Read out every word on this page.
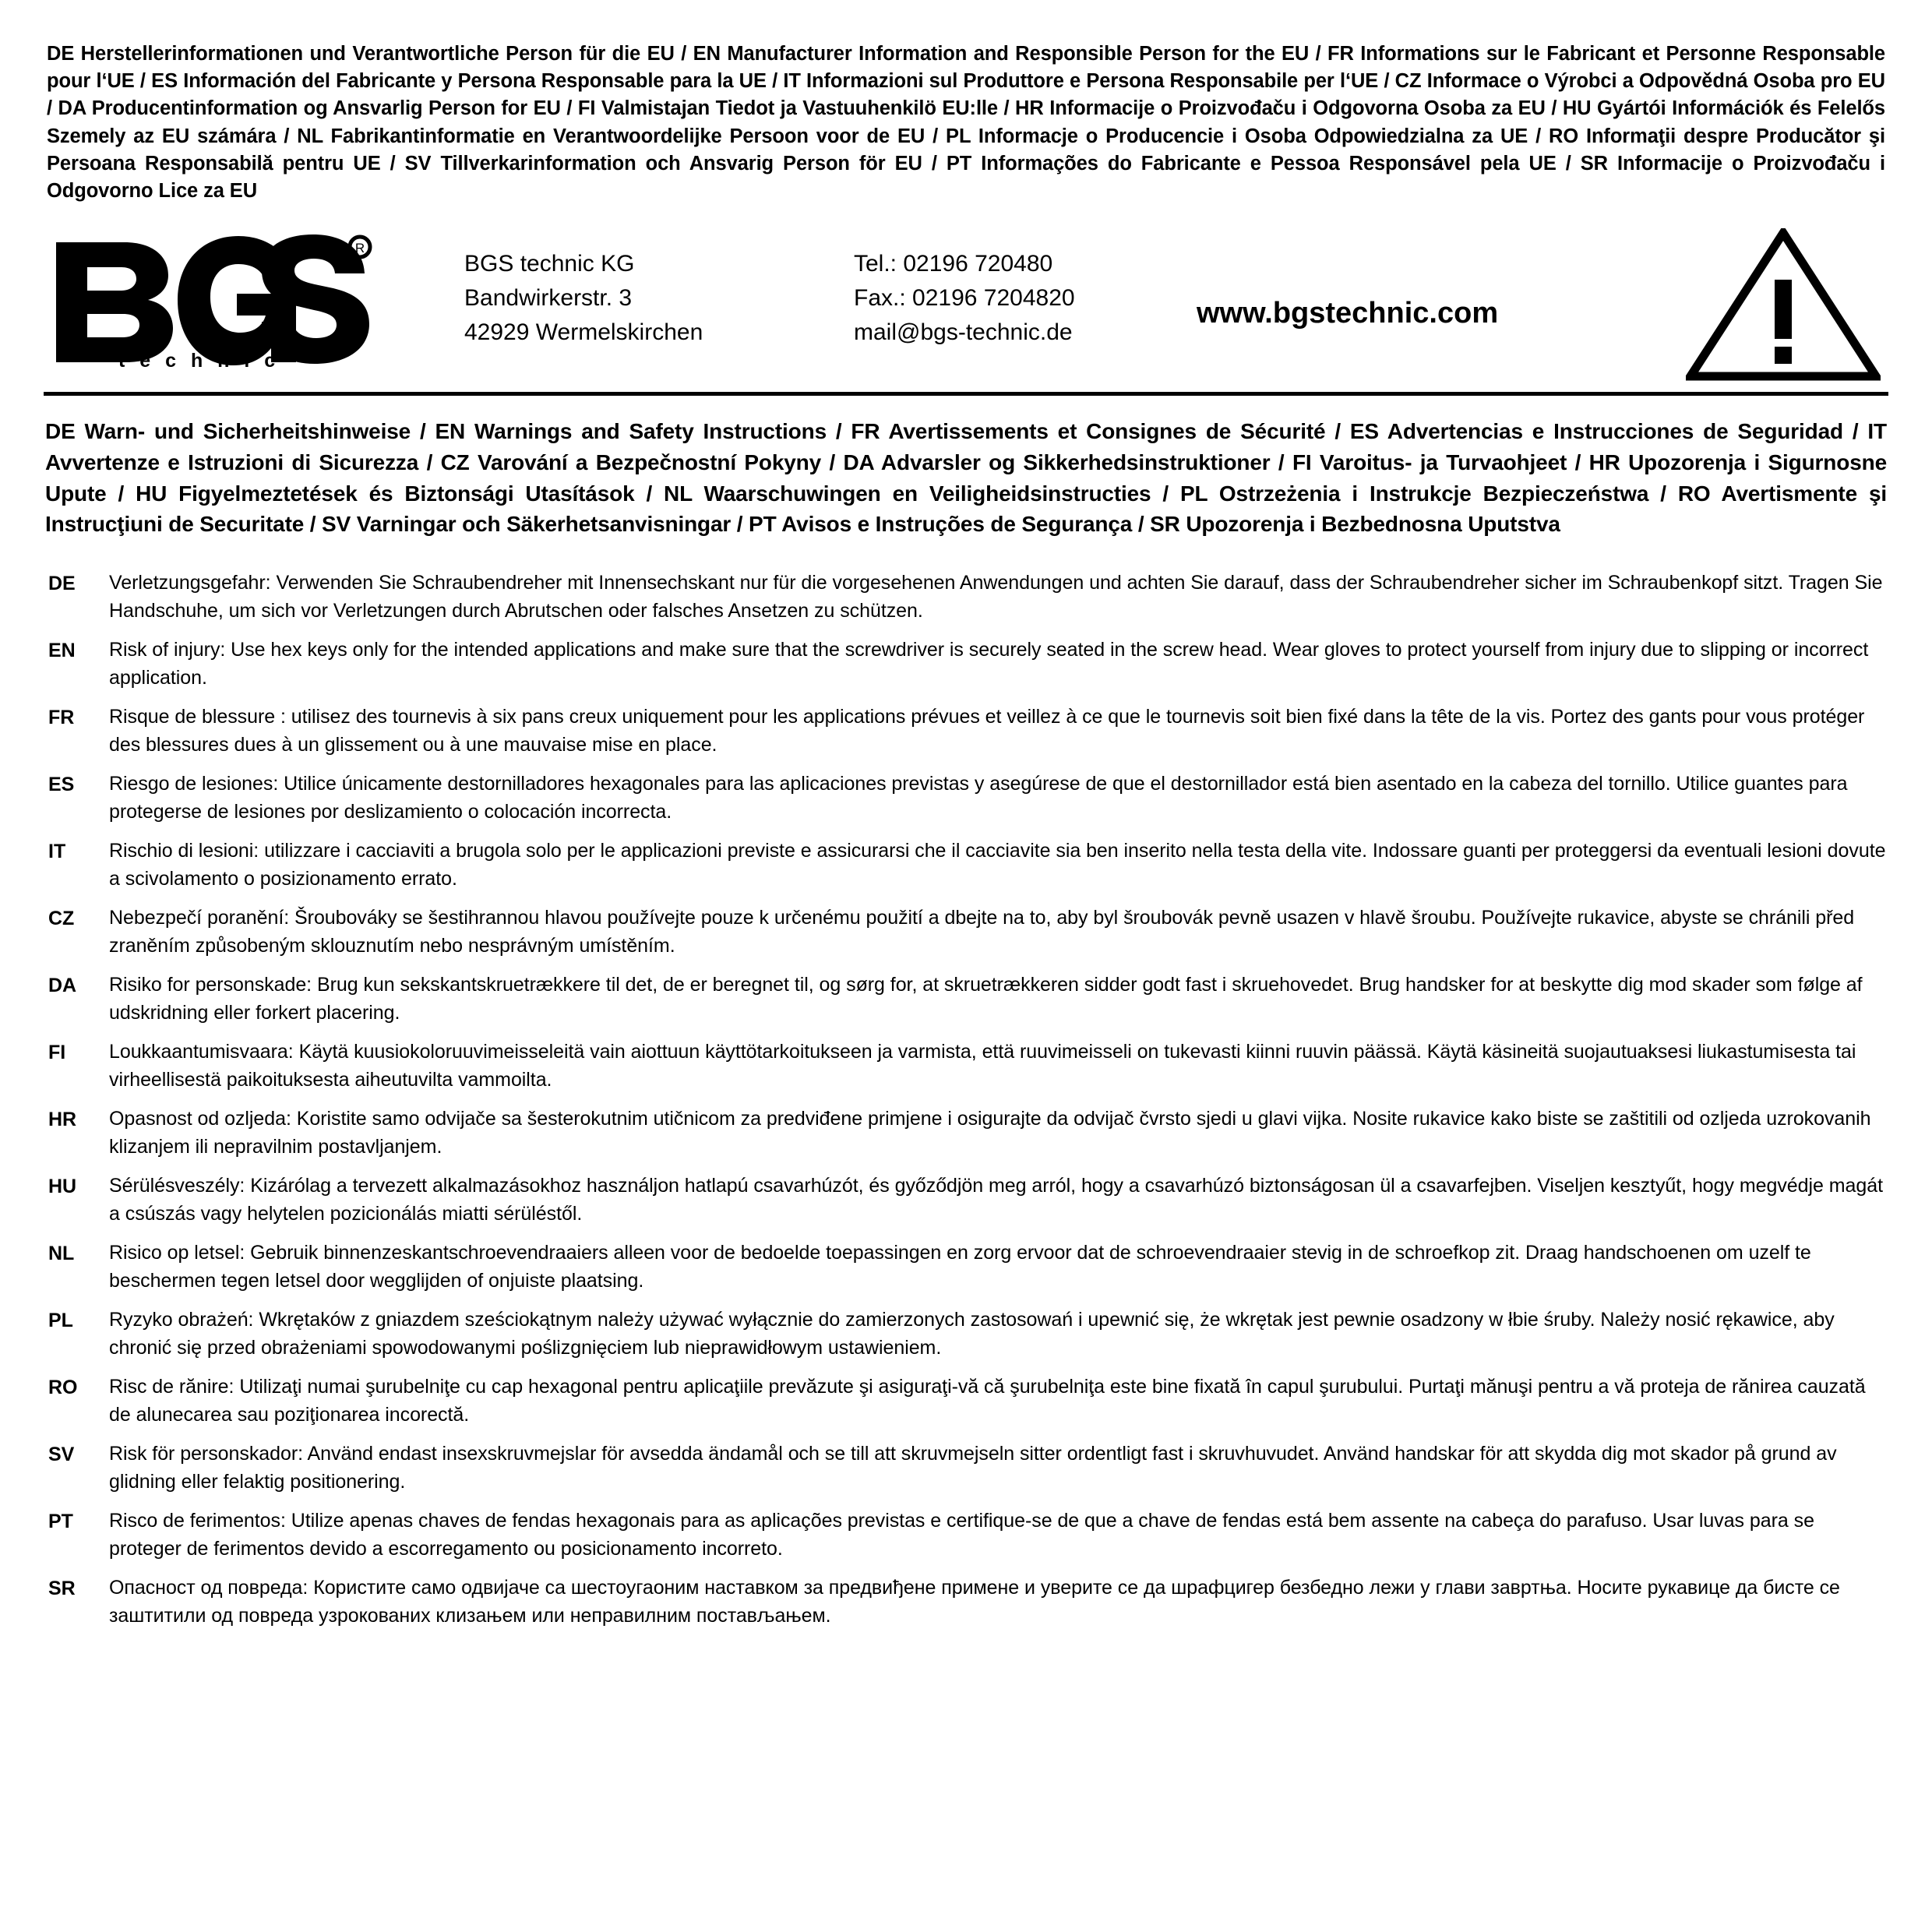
DE Herstellerinformationen und Verantwortliche Person für die EU / EN Manufacturer Information and Responsible Person for the EU / FR Informations sur le Fabricant et Personne Responsable pour l‘UE / ES Información del Fabricante y Persona Responsable para la UE / IT Informazioni sul Produttore e Persona Responsabile per l‘UE / CZ Informace o Výrobci a Odpovědná Osoba pro EU / DA Producentinformation og Ansvarlig Person for EU / FI Valmistajan Tiedot ja Vastuuhenkilö EU:lle / HR Informacije o Proizvođaču i Odgovorna Osoba za EU / HU Gyártói Információk és Felelős Szemely az EU számára / NL Fabrikantinformatie en Verantwoordelijke Persoon voor de EU / PL Informacje o Producencie i Osoba Odpowiedzialna za UE / RO Informaţii despre Producător şi Persoana Responsabilă pentru UE / SV Tillverkarinformation och Ansvarig Person för EU / PT Informações do Fabricante e Pessoa Responsável pela UE / SR Informacije o Proizvođaču i Odgovorno Lice za EU
R
t e c h n i c
BGS technic KG
Bandwirkerstr. 3
42929 Wermelskirchen
Tel.: 02196 720480
Fax.: 02196 7204820
mail@bgs-technic.de
www.bgstechnic.com
DE Warn- und Sicherheitshinweise / EN Warnings and Safety Instructions / FR Avertissements et Consignes de Sécurité / ES Advertencias e Instrucciones de Seguridad / IT Avvertenze e Istruzioni di Sicurezza / CZ Varování a Bezpečnostní Pokyny / DA Advarsler og Sikkerhedsinstruktioner / FI Varoitus- ja Turvaohjeet / HR Upozorenja i Sigurnosne Upute / HU Figyelmeztetések és Biztonsági Utasítások / NL Waarschuwingen en Veiligheidsinstructies / PL Ostrzeżenia i Instrukcje Bezpieczeństwa / RO Avertismente şi Instrucţiuni de Securitate / SV Varningar och Säkerhetsanvisningar / PT Avisos e Instruções de Segurança / SR Upozorenja i Bezbednosna Uputstva
DE	Verletzungsgefahr: Verwenden Sie Schraubendreher mit Innensechskant nur für die vorgesehenen Anwendungen und achten Sie darauf, dass der Schraubendreher sicher im Schraubenkopf sitzt. Tragen Sie Handschuhe, um sich vor Verletzungen durch Abrutschen oder falsches Ansetzen zu schützen.
EN	Risk of injury: Use hex keys only for the intended applications and make sure that the screwdriver is securely seated in the screw head. Wear gloves to protect yourself from injury due to slipping or incorrect application.
FR	Risque de blessure : utilisez des tournevis à six pans creux uniquement pour les applications prévues et veillez à ce que le tournevis soit bien fixé dans la tête de la vis. Portez des gants pour vous protéger des blessures dues à un glissement ou à une mauvaise mise en place.
ES	Riesgo de lesiones: Utilice únicamente destornilladores hexagonales para las aplicaciones previstas y asegúrese de que el destornillador está bien asentado en la cabeza del tornillo. Utilice guantes para protegerse de lesiones por deslizamiento o colocación incorrecta.
IT	Rischio di lesioni: utilizzare i cacciaviti a brugola solo per le applicazioni previste e assicurarsi che il cacciavite sia ben inserito nella testa della vite. Indossare guanti per proteggersi da eventuali lesioni dovute a scivolamento o posizionamento errato.
CZ	Nebezpečí poranění: Šroubováky se šestihrannou hlavou používejte pouze k určenému použití a dbejte na to, aby byl šroubovák pevně usazen v hlavě šroubu. Používejte rukavice, abyste se chránili před zraněním způsobeným sklouznutím nebo nesprávným umístěním.
DA	Risiko for personskade: Brug kun sekskantskruetrækkere til det, de er beregnet til, og sørg for, at skruetrækkeren sidder godt fast i skruehovedet. Brug handsker for at beskytte dig mod skader som følge af udskridning eller forkert placering.
FI	Loukkaantumisvaara: Käytä kuusiokoloruuvimeisseleitä vain aiottuun käyttötarkoitukseen ja varmista, että ruuvimeisseli on tukevasti kiinni ruuvin päässä. Käytä käsineitä suojautuaksesi liukastumisesta tai virheellisestä paikoituksesta aiheutuvilta vammoilta.
HR	Opasnost od ozljeda: Koristite samo odvijače sa šesterokutnim utičnicom za predviđene primjene i osigurajte da odvijač čvrsto sjedi u glavi vijka. Nosite rukavice kako biste se zaštitili od ozljeda uzrokovanih klizanjem ili nepravilnim postavljanjem.
HU	Sérülésveszély: Kizárólag a tervezett alkalmazásokhoz használjon hatlapú csavarhúzót, és győződjön meg arról, hogy a csavarhúzó biztonságosan ül a csavarfejben. Viseljen kesztyűt, hogy megvédje magát a csúszás vagy helytelen pozicionálás miatti sérüléstől.
NL	Risico op letsel: Gebruik binnenzeskantschroevendraaiers alleen voor de bedoelde toepassingen en zorg ervoor dat de schroevendraaier stevig in de schroefkop zit. Draag handschoenen om uzelf te beschermen tegen letsel door wegglijden of onjuiste plaatsing.
PL	Ryzyko obrażeń: Wkrętaków z gniazdem sześciokątnym należy używać wyłącznie do zamierzonych zastosowań i upewnić się, że wkrętak jest pewnie osadzony w łbie śruby. Należy nosić rękawice, aby chronić się przed obrażeniami spowodowanymi poślizgnięciem lub nieprawidłowym ustawieniem.
RO	Risc de rănire: Utilizaţi numai şurubelniţe cu cap hexagonal pentru aplicaţiile prevăzute şi asiguraţi-vă că şurubelniţa este bine fixată în capul şurubului. Purtaţi mănuşi pentru a vă proteja de rănirea cauzată de alunecarea sau poziţionarea incorectă.
SV	Risk för personskador: Använd endast insexskruvmejslar för avsedda ändamål och se till att skruvmejseln sitter ordentligt fast i skruvhuvudet. Använd handskar för att skydda dig mot skador på grund av glidning eller felaktig positionering.
PT	Risco de ferimentos: Utilize apenas chaves de fendas hexagonais para as aplicações previstas e certifique-se de que a chave de fendas está bem assente na cabeça do parafuso. Usar luvas para se proteger de ferimentos devido a escorregamento ou posicionamento incorreto.
SR	Опасност од повреда: Користите само одвијаче са шестоугаоним наставком за предвиђене примене и уверите се да шрафцигер безбедно лежи у глави завртња. Носите рукавице да бисте се заштитили од повреда узрокованих клизањем или неправилним постављањем.
